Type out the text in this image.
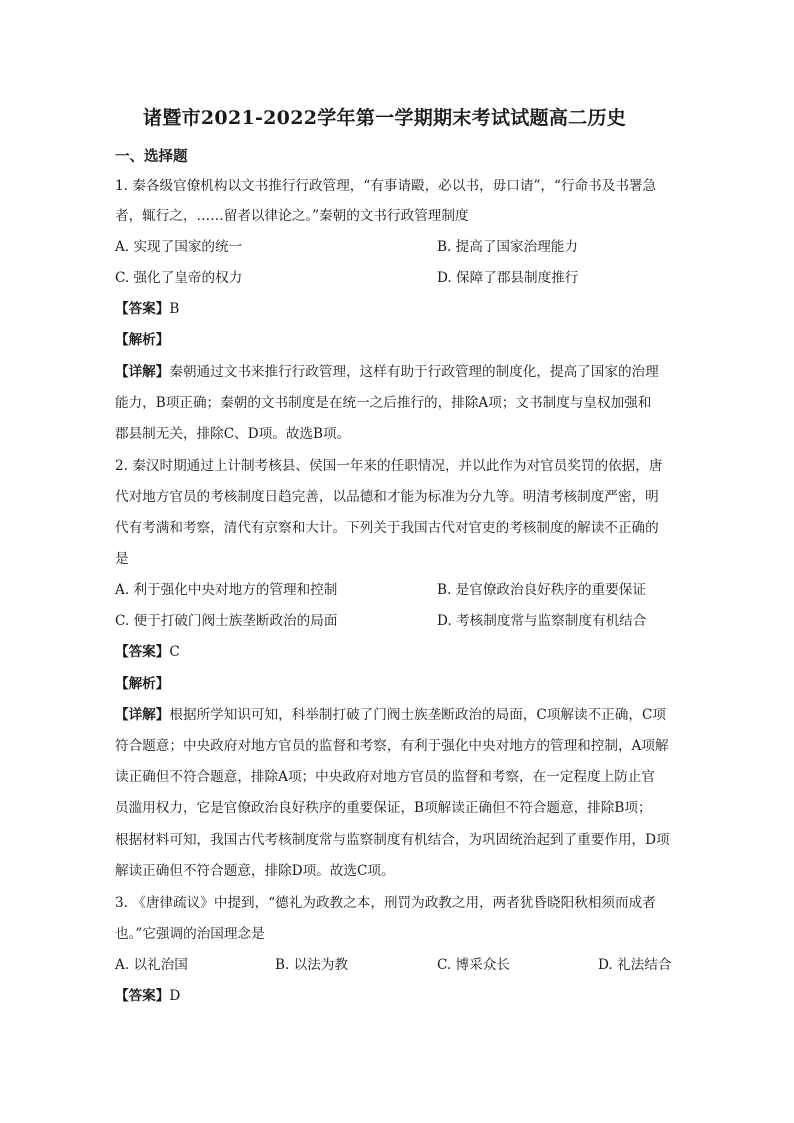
诸暨市2021-2022学年第一学期期末考试试题高二历史
一、选择题
1. 秦各级官僚机构以文书推行行政管理，“有事请毆，必以书，毋口请”，“行命书及书署急
者，辄行之，……留者以律论之。”秦朝的文书行政管理制度
A. 实现了国家的统一	B. 提高了国家治理能力
C. 强化了皇帝的权力	D. 保障了郡县制度推行
【答案】B
【解析】
【详解】秦朝通过文书来推行行政管理，这样有助于行政管理的制度化，提高了国家的治理
能力，B项正确；秦朝的文书制度是在统一之后推行的，排除A项；文书制度与皇权加强和
郡县制无关，排除C、D项。故选B项。
2. 秦汉时期通过上计制考核县、侯国一年来的任职情况，并以此作为对官员奖罚的依据，唐
代对地方官员的考核制度日趋完善，以品德和才能为标准为分九等。明清考核制度严密，明
代有考满和考察，清代有京察和大计。下列关于我国古代对官吏的考核制度的解读不正确的
是
A. 利于强化中央对地方的管理和控制	B. 是官僚政治良好秩序的重要保证
C. 便于打破门阀士族垄断政治的局面	D. 考核制度常与监察制度有机结合
【答案】C
【解析】
【详解】根据所学知识可知，科举制打破了门阀士族垄断政治的局面，C项解读不正确，C项
符合题意；中央政府对地方官员的监督和考察，有利于强化中央对地方的管理和控制，A项解
读正确但不符合题意，排除A项；中央政府对地方官员的监督和考察，在一定程度上防止官
员滥用权力，它是官僚政治良好秩序的重要保证，B项解读正确但不符合题意，排除B项；
根据材料可知，我国古代考核制度常与监察制度有机结合，为巩固统治起到了重要作用，D项
解读正确但不符合题意，排除D项。故选C项。
3. 《唐律疏议》中提到，“德礼为政教之本，刑罚为政教之用，两者犹昏晓阳秋相须而成者
也。”它强调的治国理念是
A. 以礼治国	B. 以法为教	C. 博采众长	D. 礼法结合
【答案】D
